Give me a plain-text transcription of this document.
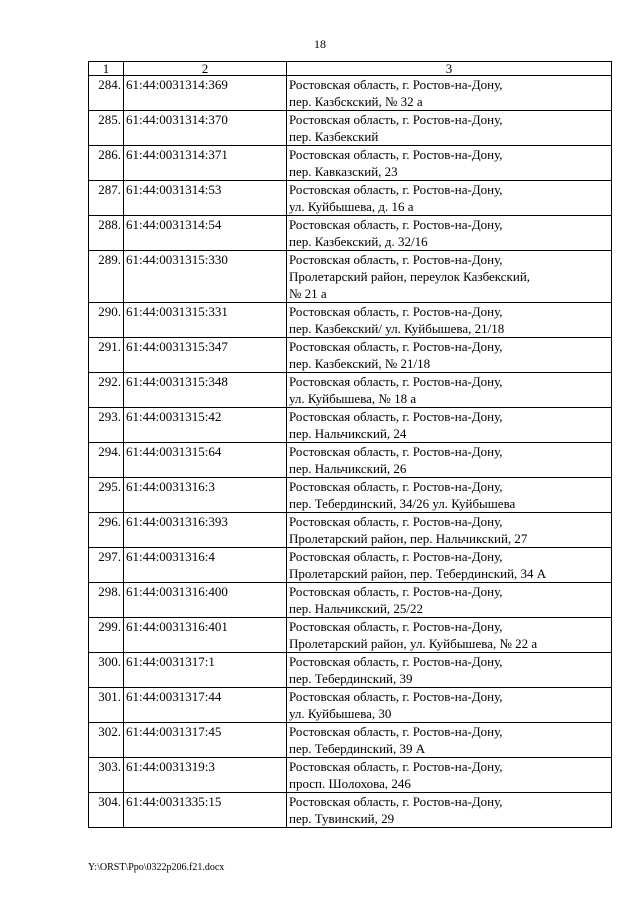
18
1	2	3
284.	61:44:0031314:369	Ростовская область, г. Ростов-на-Дону,
пер. Казбскский, № 32 а

285.	61:44:0031314:370	Ростовская область, г. Ростов-на-Дону,
пер. Казбекский

286.	61:44:0031314:371	Ростовская область, г. Ростов-на-Дону,
пер. Кавказский, 23

287.	61:44:0031314:53	Ростовская область, г. Ростов-на-Дону,
ул. Куйбышева, д. 16 а

288.	61:44:0031314:54	Ростовская область, г. Ростов-на-Дону,
пер. Казбекский, д. 32/16

289.	61:44:0031315:330	Ростовская область, г. Ростов-на-Дону,
Пролетарский район, переулок Казбекский,
№ 21 а

290.	61:44:0031315:331	Ростовская область, г. Ростов-на-Дону,
пер. Казбекский/ ул. Куйбышева, 21/18

291.	61:44:0031315:347	Ростовская область, г. Ростов-на-Дону,
пер. Казбекский, № 21/18

292.	61:44:0031315:348	Ростовская область, г. Ростов-на-Дону,
ул. Куйбышева, № 18 а

293.	61:44:0031315:42	Ростовская область, г. Ростов-на-Дону,
пер. Нальчикский, 24

294.	61:44:0031315:64	Ростовская область, г. Ростов-на-Дону,
пер. Нальчикский, 26

295.	61:44:0031316:3	Ростовская область, г. Ростов-на-Дону,
пер. Тебердинский, 34/26 ул. Куйбышева

296.	61:44:0031316:393	Ростовская область, г. Ростов-на-Дону,
Пролетарский район, пер. Нальчикский, 27

297.	61:44:0031316:4	Ростовская область, г. Ростов-на-Дону,
Пролетарский район, пер. Тебердинский, 34 А

298.	61:44:0031316:400	Ростовская область, г. Ростов-на-Дону,
пер. Нальчикский, 25/22

299.	61:44:0031316:401	Ростовская область, г. Ростов-на-Дону,
Пролетарский район, ул. Куйбышева, № 22 а

300.	61:44:0031317:1	Ростовская область, г. Ростов-на-Дону,
пер. Тебердинский, 39

301.	61:44:0031317:44	Ростовская область, г. Ростов-на-Дону,
ул. Куйбышева, 30

302.	61:44:0031317:45	Ростовская область, г. Ростов-на-Дону,
пер. Тебердинский, 39 А

303.	61:44:0031319:3	Ростовская область, г. Ростов-на-Дону,
просп. Шолохова, 246

304.	61:44:0031335:15	Ростовская область, г. Ростов-на-Дону,
пер. Тувинский, 29
Y:\ORST\Ppo\0322p206.f21.docx
